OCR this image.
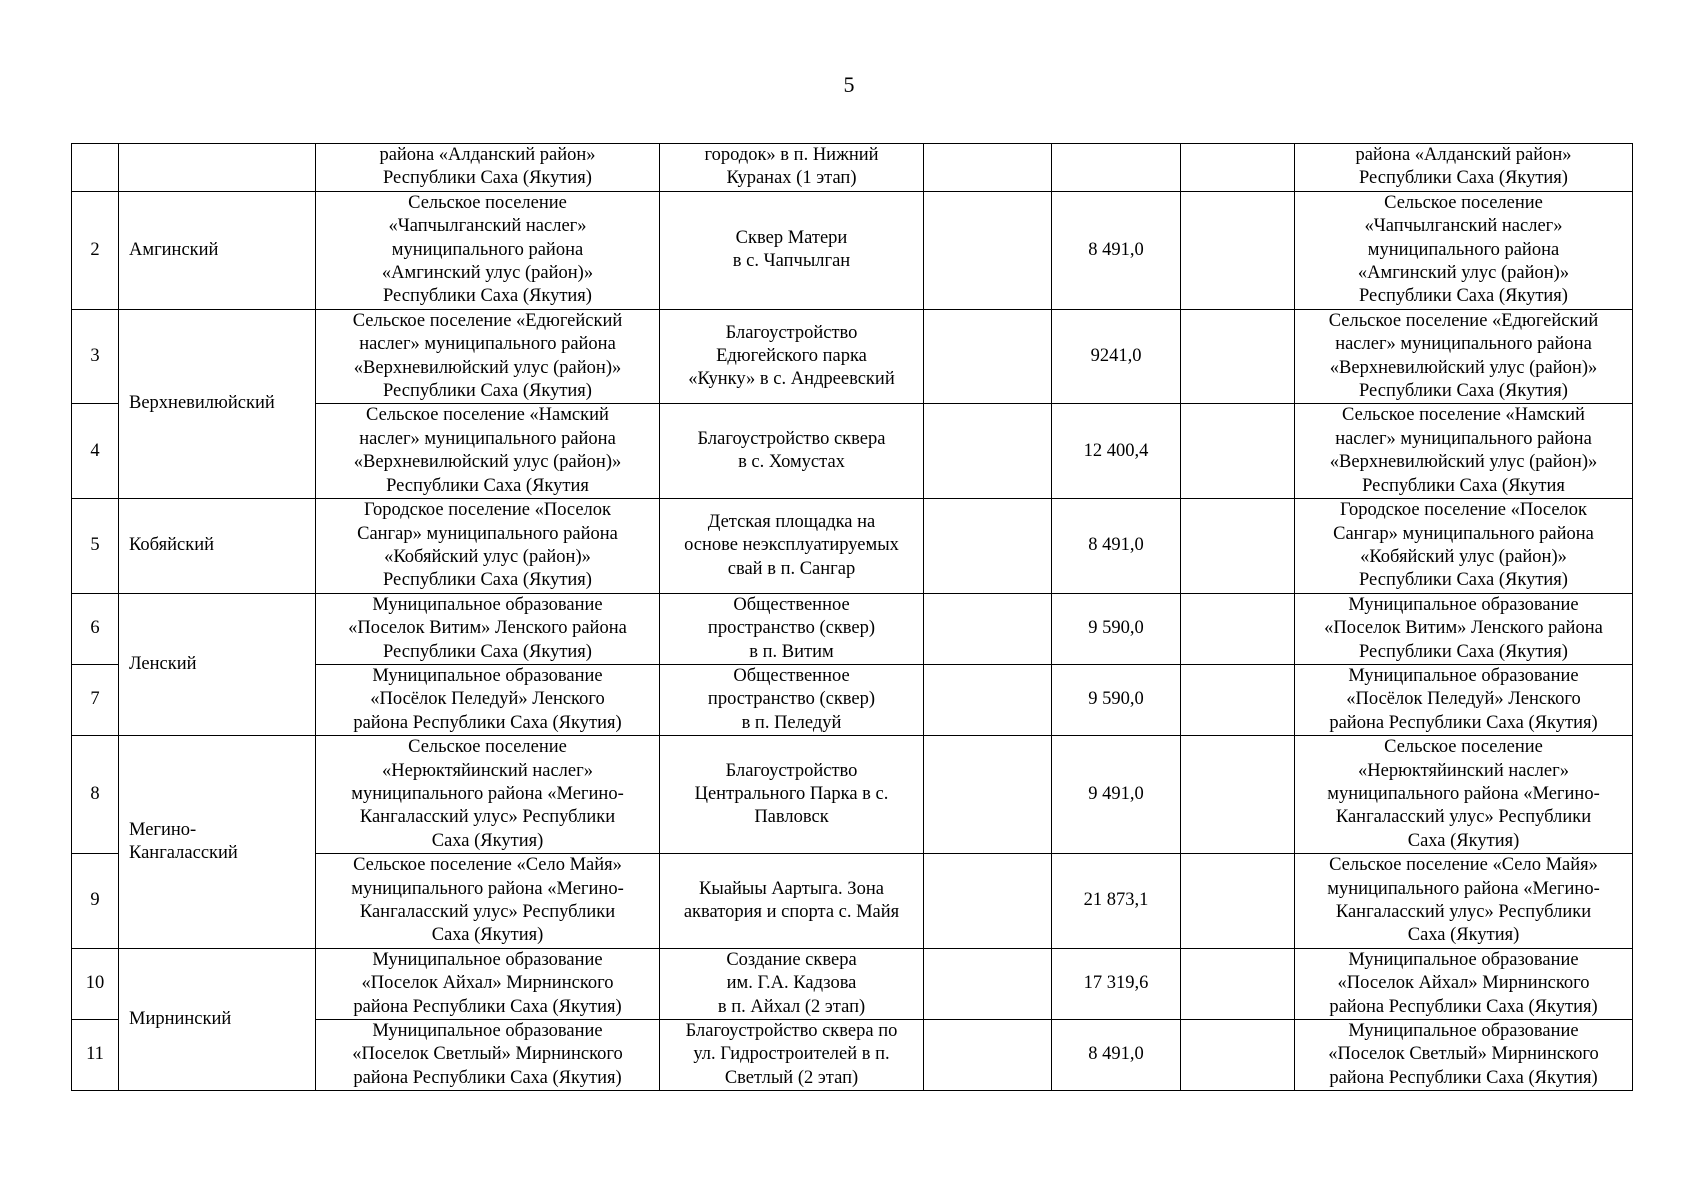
5

		района «Алданский район»
Республики Саха (Якутия)	городок» в п. Нижний
Куранах (1 этап)				района «Алданский район»
Республики Саха (Якутия)

2	Амгинский	Сельское поселение
«Чапчылганский наслег»
муниципального района
«Амгинский улус (район)»
Республики Саха (Якутия)	Сквер Матери
в с. Чапчылган		8 491,0		Сельское поселение
«Чапчылганский наслег»
муниципального района
«Амгинский улус (район)»
Республики Саха (Якутия)

3	Верхневилюйский	Сельское поселение «Едюгейский
наслег» муниципального района
«Верхневилюйский улус (район)»
Республики Саха (Якутия)	Благоустройство
Едюгейского парка
«Кунку» в с. Андреевский		9241,0		Сельское поселение «Едюгейский
наслег» муниципального района
«Верхневилюйский улус (район)»
Республики Саха (Якутия)

4		Сельское поселение «Намский
наслег» муниципального района
«Верхневилюйский улус (район)»
Республики Саха (Якутия	Благоустройство сквера
в с. Хомустах		12 400,4		Сельское поселение «Намский
наслег» муниципального района
«Верхневилюйский улус (район)»
Республики Саха (Якутия

5	Кобяйский	Городское поселение «Поселок
Сангар» муниципального района
«Кобяйский улус (район)»
Республики Саха (Якутия)	Детская площадка на
основе неэксплуатируемых
свай в п. Сангар		8 491,0		Городское поселение «Поселок
Сангар» муниципального района
«Кобяйский улус (район)»
Республики Саха (Якутия)

6	Ленский	Муниципальное образование
«Поселок Витим» Ленского района
Республики Саха (Якутия)	Общественное
пространство (сквер)
в п. Витим		9 590,0		Муниципальное образование
«Поселок Витим» Ленского района
Республики Саха (Якутия)

7		Муниципальное образование
«Посёлок Пеледуй» Ленского
района Республики Саха (Якутия)	Общественное
пространство (сквер)
в п. Пеледуй		9 590,0		Муниципальное образование
«Посёлок Пеледуй» Ленского
района Республики Саха (Якутия)

8	Мегино-
Кангаласский	Сельское поселение
«Нерюктяйинский наслег»
муниципального района «Мегино-
Кангаласский улус» Республики
Саха (Якутия)	Благоустройство
Центрального Парка в с.
Павловск		9 491,0		Сельское поселение
«Нерюктяйинский наслег»
муниципального района «Мегино-
Кангаласский улус» Республики
Саха (Якутия)

9		Сельское поселение «Село Майя»
муниципального района «Мегино-
Кангаласский улус» Республики
Саха (Якутия)	Кыайыы Аартыга. Зона
акватория и спорта с. Майя		21 873,1		Сельское поселение «Село Майя»
муниципального района «Мегино-
Кангаласский улус» Республики
Саха (Якутия)

10	Мирнинский	Муниципальное образование
«Поселок Айхал» Мирнинского
района Республики Саха (Якутия)	Создание сквера
им. Г.А. Кадзова
в п. Айхал (2 этап)		17 319,6		Муниципальное образование
«Поселок Айхал» Мирнинского
района Республики Саха (Якутия)

11		Муниципальное образование
«Поселок Светлый» Мирнинского
района Республики Саха (Якутия)	Благоустройство сквера по
ул. Гидростроителей в п.
Светлый (2 этап)		8 491,0		Муниципальное образование
«Поселок Светлый» Мирнинского
района Республики Саха (Якутия)
